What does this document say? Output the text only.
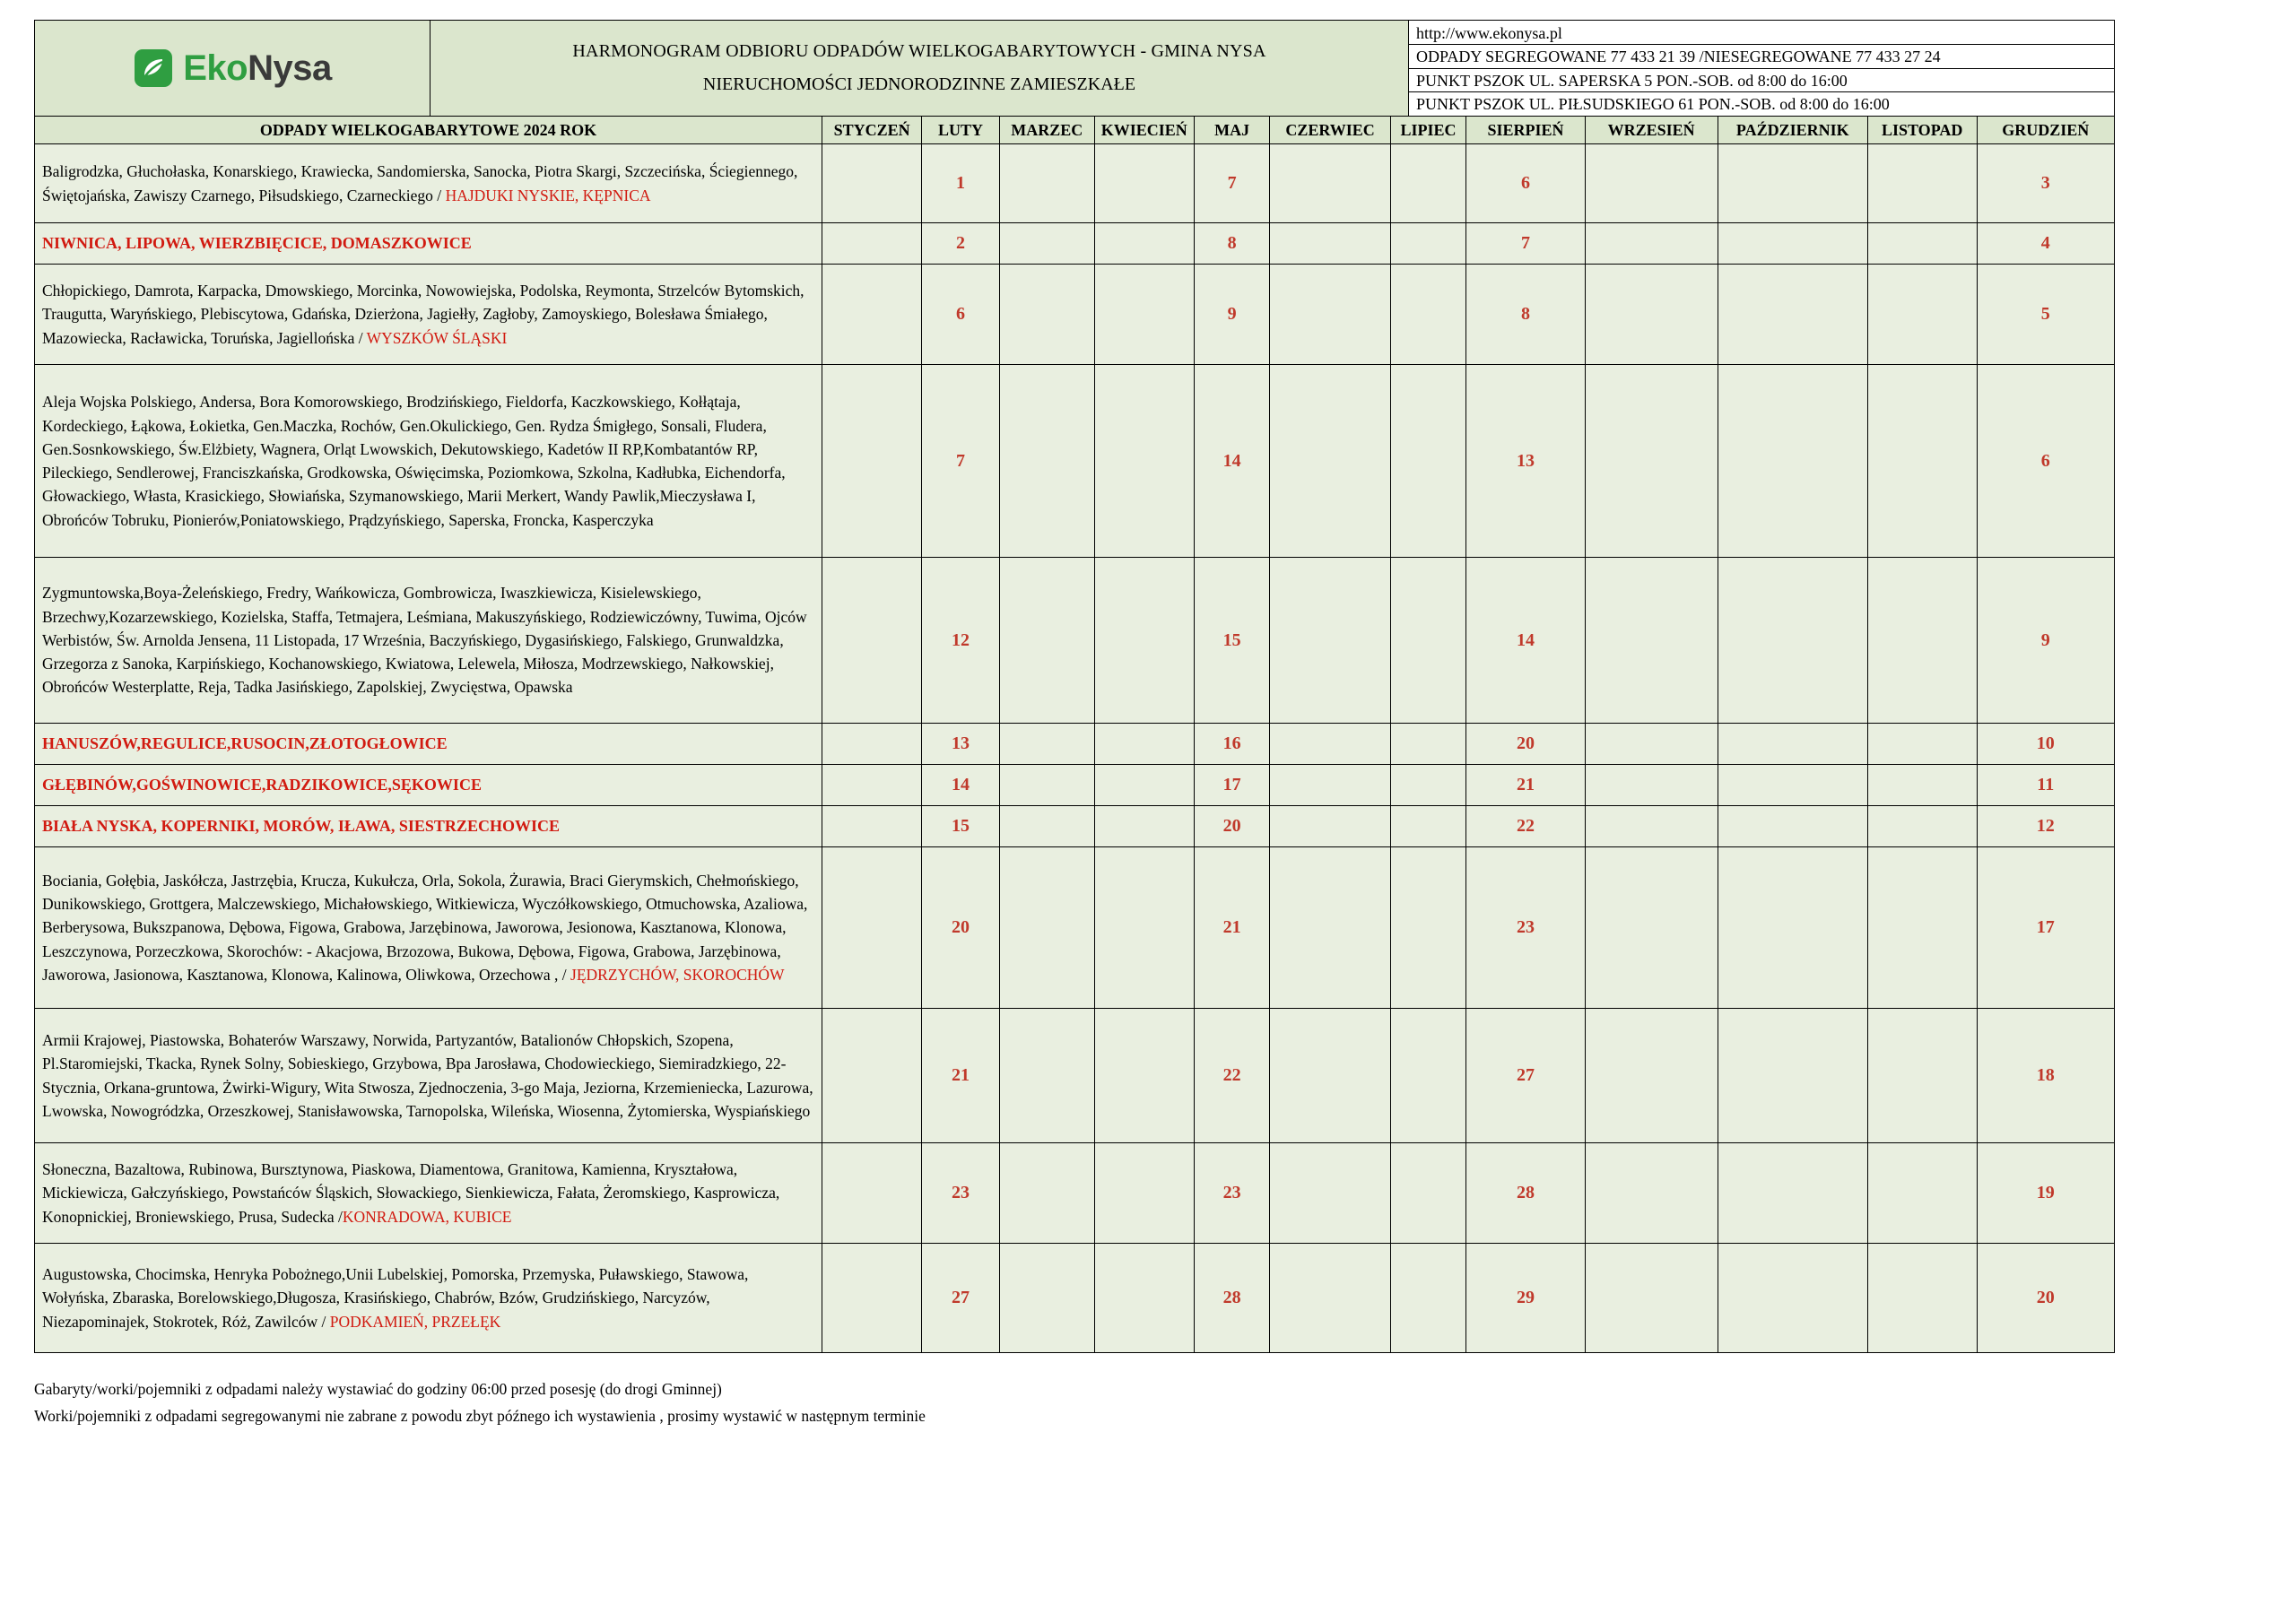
EkoNysa	HARMONOGRAM ODBIORU ODPADÓW WIELKOGABARYTOWYCH - GMINA NYSA
NIERUCHOMOŚCI JEDNORODZINNE ZAMIESZKAŁE

http://www.ekonysa.pl
ODPADY SEGREGOWANE 77 433 21 39 /NIESEGREGOWANE 77 433 27 24
PUNKT PSZOK UL. SAPERSKA 5 PON.-SOB. od 8:00 do 16:00
PUNKT PSZOK UL. PIŁSUDSKIEGO 61 PON.-SOB. od 8:00 do 16:00
ODPADY WIELKOGABARYTOWE 2024 ROK	STYCZEŃ	LUTY	MARZEC	KWIECIEŃ	MAJ	CZERWIEC	LIPIEC	SIERPIEŃ	WRZESIEŃ	PAŹDZIERNIK	LISTOPAD	GRUDZIEŃ
Baligrodzka, Głuchołaska, Konarskiego, Krawiecka, Sandomierska, Sanocka, Piotra Skargi, Szczecińska, Ściegiennego, Świętojańska, Zawiszy Czarnego, Piłsudskiego, Czarneckiego / HAJDUKI NYSKIE, KĘPNICA		1			7			6				3
NIWNICA, LIPOWA, WIERZBIĘCICE, DOMASZKOWICE		2			8			7				4
Chłopickiego, Damrota, Karpacka, Dmowskiego, Morcinka, Nowowiejska, Podolska, Reymonta, Strzelców Bytomskich, Traugutta, Waryńskiego, Plebiscytowa, Gdańska, Dzierżona, Jagiełły, Zagłoby, Zamoyskiego, Bolesława Śmiałego, Mazowiecka, Racławicka, Toruńska, Jagiellońska / WYSZKÓW ŚLĄSKI		6			9			8				5
Aleja Wojska Polskiego, Andersa, Bora Komorowskiego, Brodzińskiego, Fieldorfa, Kaczkowskiego, Kołłątaja, Kordeckiego, Łąkowa, Łokietka, Gen.Maczka, Rochów, Gen.Okulickiego, Gen. Rydza Śmigłego, Sonsali, Fludera, Gen.Sosnkowskiego, Św.Elżbiety, Wagnera, Orląt Lwowskich, Dekutowskiego, Kadetów II RP,Kombatantów RP, Pileckiego, Sendlerowej, Franciszkańska, Grodkowska, Oświęcimska, Poziomkowa, Szkolna, Kadłubka, Eichendorfa, Głowackiego, Własta, Krasickiego, Słowiańska, Szymanowskiego, Marii Merkert, Wandy Pawlik,Mieczysława I, Obrońców Tobruku, Pionierów,Poniatowskiego, Prądzyńskiego, Saperska, Froncka, Kasperczyka		7			14			13				6
Zygmuntowska,Boya-Żeleńskiego, Fredry, Wańkowicza, Gombrowicza, Iwaszkiewicza, Kisielewskiego, Brzechwy,Kozarzewskiego, Kozielska, Staffa, Tetmajera, Leśmiana, Makuszyńskiego, Rodziewiczówny, Tuwima, Ojców Werbistów, Św. Arnolda Jensena, 11 Listopada, 17 Września, Baczyńskiego, Dygasińskiego, Falskiego, Grunwaldzka, Grzegorza z Sanoka, Karpińskiego, Kochanowskiego, Kwiatowa, Lelewela, Miłosza, Modrzewskiego, Nałkowskiej, Obrońców Westerplatte, Reja, Tadka Jasińskiego, Zapolskiej, Zwycięstwa, Opawska		12			15			14				9
HANUSZÓW,REGULICE,RUSOCIN,ZŁOTOGŁOWICE		13			16			20				10
GŁĘBINÓW,GOŚWINOWICE,RADZIKOWICE,SĘKOWICE		14			17			21				11
BIAŁA NYSKA, KOPERNIKI, MORÓW, IŁAWA, SIESTRZECHOWICE		15			20			22				12
Bociania, Gołębia, Jaskółcza, Jastrzębia, Krucza, Kukułcza, Orla, Sokola, Żurawia, Braci Gierymskich, Chełmońskiego, Dunikowskiego, Grottgera, Malczewskiego, Michałowskiego, Witkiewicza, Wyczółkowskiego, Otmuchowska, Azaliowa, Berberysowa, Bukszpanowa, Dębowa, Figowa, Grabowa, Jarzębinowa, Jaworowa, Jesionowa, Kasztanowa, Klonowa, Leszczynowa, Porzeczkowa, Skorochów: - Akacjowa, Brzozowa, Bukowa, Dębowa, Figowa, Grabowa, Jarzębinowa, Jaworowa, Jasionowa, Kasztanowa, Klonowa, Kalinowa, Oliwkowa, Orzechowa , / JĘDRZYCHÓW, SKOROCHÓW		20			21			23				17
Armii Krajowej, Piastowska, Bohaterów Warszawy, Norwida, Partyzantów, Batalionów Chłopskich, Szopena, Pl.Staromiejski, Tkacka, Rynek Solny, Sobieskiego, Grzybowa, Bpa Jarosława, Chodowieckiego, Siemiradzkiego, 22-Stycznia, Orkana-gruntowa, Żwirki-Wigury, Wita Stwosza, Zjednoczenia, 3-go Maja, Jeziorna, Krzemieniecka, Lazurowa, Lwowska, Nowogródzka, Orzeszkowej, Stanisławowska, Tarnopolska, Wileńska, Wiosenna, Żytomierska, Wyspiańskiego		21			22			27				18
Słoneczna, Bazaltowa, Rubinowa, Bursztynowa, Piaskowa, Diamentowa, Granitowa, Kamienna, Kryształowa, Mickiewicza, Gałczyńskiego, Powstańców Śląskich, Słowackiego, Sienkiewicza, Fałata, Żeromskiego, Kasprowicza, Konopnickiej, Broniewskiego, Prusa, Sudecka /KONRADOWA, KUBICE		23			23			28				19
Augustowska, Chocimska, Henryka Pobożnego,Unii Lubelskiej, Pomorska, Przemyska, Puławskiego, Stawowa, Wołyńska, Zbaraska, Borelowskiego,Długosza, Krasińskiego, Chabrów, Bzów, Grudzińskiego, Narcyzów, Niezapominajek, Stokrotek, Róż, Zawilców / PODKAMIEŃ, PRZEŁĘK		27			28			29				20
Gabaryty/worki/pojemniki z odpadami należy wystawiać do godziny 06:00 przed posesję (do drogi Gminnej)
Worki/pojemniki z odpadami segregowanymi nie zabrane z powodu zbyt późnego ich wystawienia , prosimy wystawić w następnym terminie
